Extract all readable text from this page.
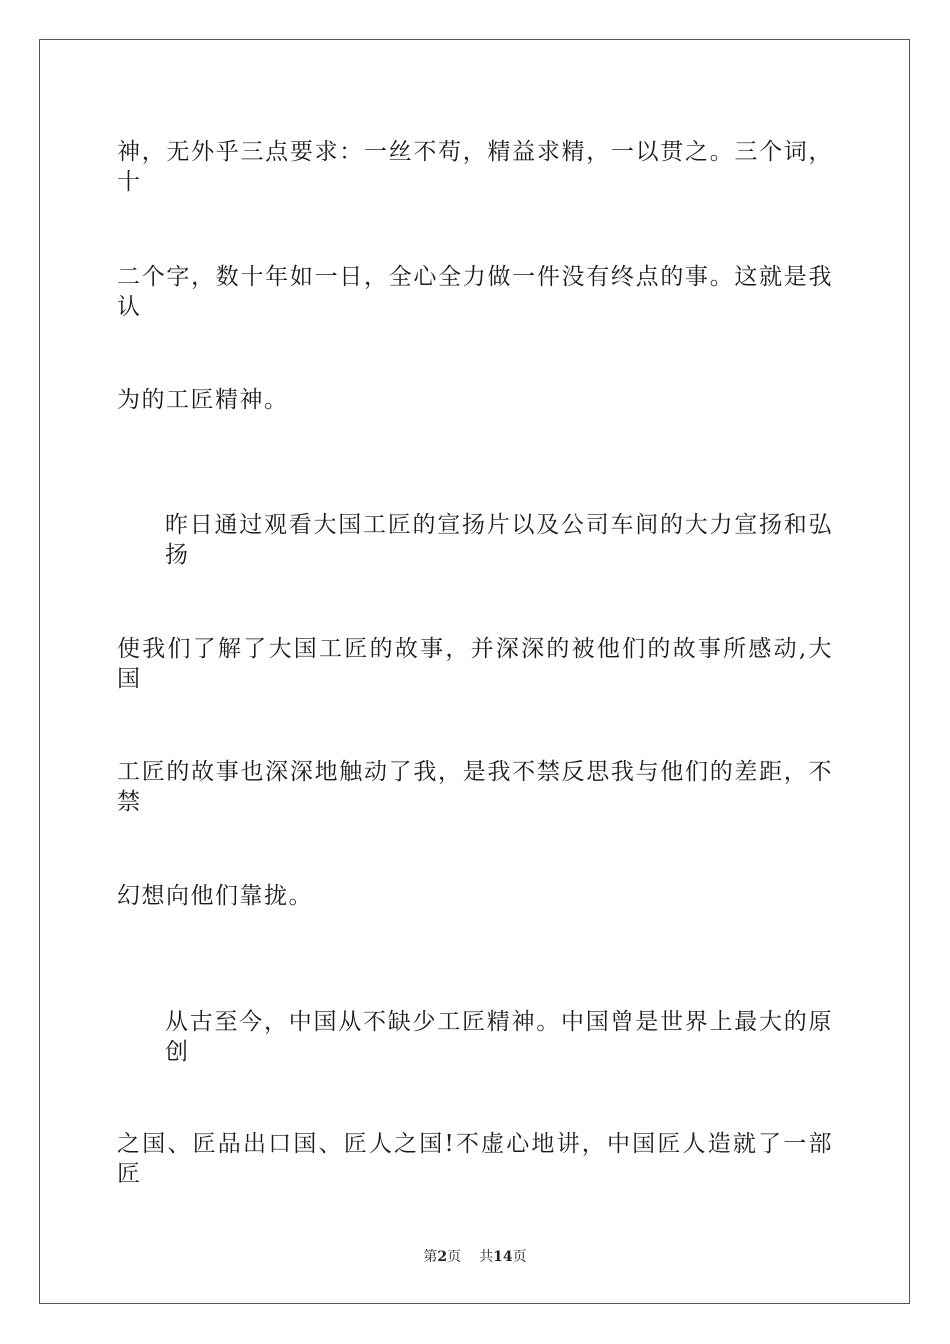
神，无外乎三点要求：一丝不苟，精益求精，一以贯之。三个词，十
二个字，数十年如一日，全心全力做一件没有终点的事。这就是我认
为的工匠精神。
昨日通过观看大国工匠的宣扬片以及公司车间的大力宣扬和弘扬
使我们了解了大国工匠的故事，并深深的被他们的故事所感动,大国
工匠的故事也深深地触动了我，是我不禁反思我与他们的差距，不禁
幻想向他们靠拢。
从古至今，中国从不缺少工匠精神。中国曾是世界上最大的原创
之国、匠品出口国、匠人之国!不虚心地讲，中国匠人造就了一部匠
第2页 共14页
